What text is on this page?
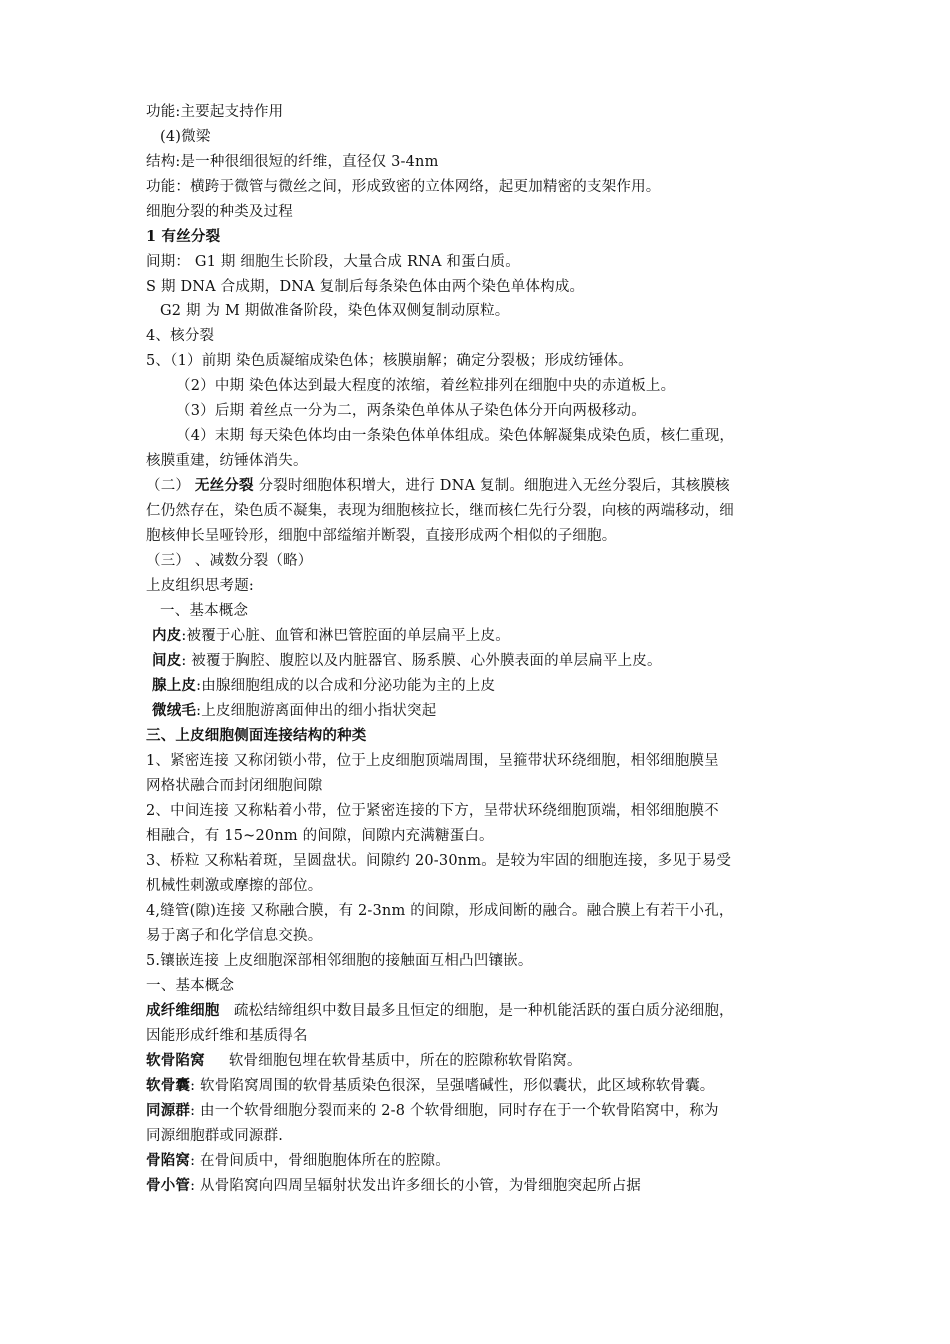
功能:主要起支持作用
(4)微梁
结构:是一种很细很短的纤维，直径仅 3-4nm
功能：横跨于微管与微丝之间，形成致密的立体网络，起更加精密的支架作用。
细胞分裂的种类及过程
1 有丝分裂
间期： G1 期 细胞生长阶段，大量合成 RNA 和蛋白质。
S 期 DNA 合成期，DNA 复制后每条染色体由两个染色单体构成。
G2 期 为 M 期做准备阶段，染色体双侧复制动原粒。
4、核分裂
5、（1）前期 染色质凝缩成染色体；核膜崩解；确定分裂极；形成纺锤体。
（2）中期 染色体达到最大程度的浓缩，着丝粒排列在细胞中央的赤道板上。
（3）后期 着丝点一分为二，两条染色单体从子染色体分开向两极移动。
（4）末期 每天染色体均由一条染色体单体组成。染色体解凝集成染色质，核仁重现，
核膜重建，纺锤体消失。
（二） 无丝分裂 分裂时细胞体积增大，进行 DNA 复制。细胞进入无丝分裂后，其核膜核
仁仍然存在，染色质不凝集，表现为细胞核拉长，继而核仁先行分裂，向核的两端移动，细
胞核伸长呈哑铃形，细胞中部缢缩并断裂，直接形成两个相似的子细胞。
（三） 、减数分裂（略）
上皮组织思考题:
一、基本概念
内皮:被覆于心脏、血管和淋巴管腔面的单层扁平上皮。
间皮: 被覆于胸腔、腹腔以及内脏器官、肠系膜、心外膜表面的单层扁平上皮。
腺上皮:由腺细胞组成的以合成和分泌功能为主的上皮
微绒毛:上皮细胞游离面伸出的细小指状突起
三、上皮细胞侧面连接结构的种类
1、紧密连接 又称闭锁小带，位于上皮细胞顶端周围，呈箍带状环绕细胞，相邻细胞膜呈
网格状融合而封闭细胞间隙
2、中间连接 又称粘着小带，位于紧密连接的下方，呈带状环绕细胞顶端，相邻细胞膜不
相融合，有 15~20nm 的间隙，间隙内充满糖蛋白。
3、桥粒 又称粘着斑，呈圆盘状。间隙约 20-30nm。是较为牢固的细胞连接，多见于易受
机械性刺激或摩擦的部位。
4,缝管(隙)连接 又称融合膜，有 2-3nm 的间隙，形成间断的融合。融合膜上有若干小孔，
易于离子和化学信息交换。
5.镶嵌连接 上皮细胞深部相邻细胞的接触面互相凸凹镶嵌。
一、基本概念
成纤维细胞 疏松结缔组织中数目最多且恒定的细胞，是一种机能活跃的蛋白质分泌细胞，
因能形成纤维和基质得名
软骨陷窝 软骨细胞包埋在软骨基质中，所在的腔隙称软骨陷窝。
软骨囊: 软骨陷窝周围的软骨基质染色很深，呈强嗜碱性，形似囊状，此区域称软骨囊。
同源群: 由一个软骨细胞分裂而来的 2-8 个软骨细胞，同时存在于一个软骨陷窝中，称为
同源细胞群或同源群.
骨陷窝: 在骨间质中，骨细胞胞体所在的腔隙。
骨小管: 从骨陷窝向四周呈辐射状发出许多细长的小管，为骨细胞突起所占据
